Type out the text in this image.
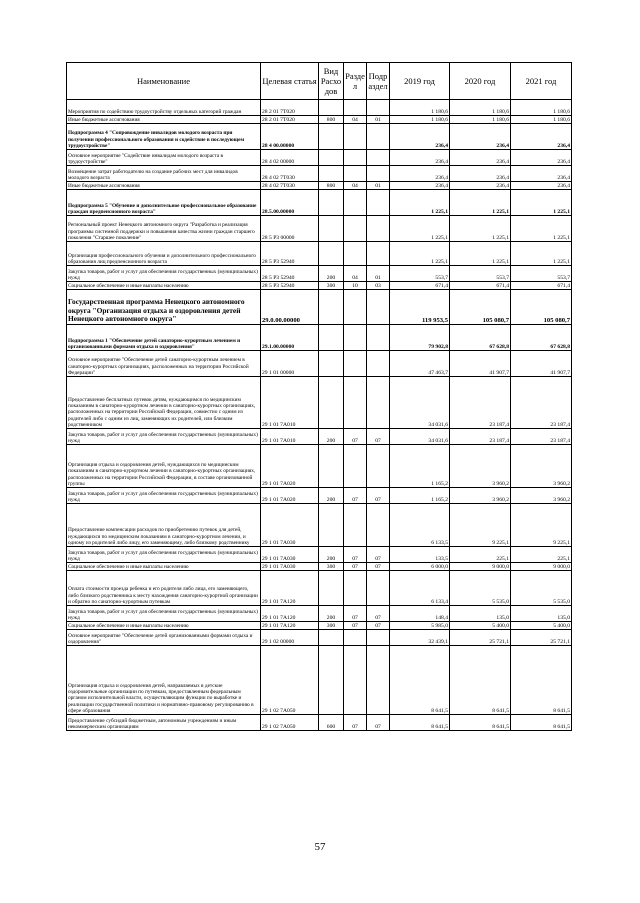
Наименование	Целевая статья	Вид Расхо дов	Разде л	Подр аздел	2019 год	2020 год	2021 год
Мероприятия по содействию трудоустройству отдельных категорий граждан	28 2 01 7Т020				1 180,6	1 180,6	1 180,6
Иные бюджетные ассигнования	28 2 01 7Т020	800	04	01	1 180,6	1 180,6	1 180,6
Подпрограмма 4 "Сопровождение инвалидов молодого возраста при получении профессионального образования и содействие в последующем трудоустройстве"	28 4 00.00000				236,4	236,4	236,4
Основное мероприятие "Содействие инвалидам молодого возраста в трудоустройстве"	28 4 02 00000				236,4	236,4	236,4
Возмещение затрат работодателю на создание рабочих мест для инвалидов молодого возраста	28 4 02 7Т030				236,4	236,4	236,4
Иные бюджетные ассигнования	28 4 02 7Т030	800	04	01	236,4	236,4	236,4
Подпрограмма 5 "Обучение и дополнительное профессиональное образование граждан предпенсионного возраста"	28.5.00.00000				1 225,1	1 225,1	1 225,1
Региональный проект Ненецкого автономного округа "Разработка и реализация программы системной поддержки и повышения качества жизни граждан старшего поколения "Старшее поколение"	28 5 Р3 00000				1 225,1	1 225,1	1 225,1
Организация профессионального обучения и дополнительного профессионального образования лиц предпенсионного возраста	28 5 Р3 52940				1 225,1	1 225,1	1 225,1
Закупка товаров, работ и услуг для обеспечения государственных (муниципальных) нужд	28 5 Р3 52940	200	04	01	553,7	553,7	553,7
Социальное обеспечение и иные выплаты населению	28 5 Р3 52940	300	10	03	671,4	671,4	671,4
Государственная программа Ненецкого автономного округа "Организация отдыха и оздоровления детей Ненецкого автономного округа"	29.0.00.00000				119 953,5	105 080,7	105 080,7
Подпрограмма 1 "Обеспечение детей санаторно-курортным лечением и организованными формами отдыха и оздоровления"	29.1.00.00000				79 902,8	67 628,8	67 628,8
Основное мероприятие "Обеспечение детей санаторно-курортным лечением в санаторно-курортных организациях, расположенных на территории Российской Федерации"	29 1 01 00000				47 463,7	41 907,7	41 907,7
Предоставление бесплатных путевок детям, нуждающимся по медицинским показаниям в санаторно-курортном лечении в санаторно-курортных организациях, расположенных на территории Российской Федерации, совместно с одним из родителей либо с одним из лиц, заменяющих их родителей, или близким родственником	29 1 01 7А010				34 031,6	23 187,4	23 187,4
Закупка товаров, работ и услуг для обеспечения государственных (муниципальных) нужд	29 1 01 7А010	200	07	07	34 031,6	23 187,4	23 187,4
Организация отдыха и оздоровления детей, нуждающихся по медицинским показаниям в санаторно-курортном лечении в санаторно-курортных организациях, расположенных на территории Российской Федерации, в составе организованной группы	29 1 01 7А020				1 165,2	3 960,2	3 960,2
Закупка товаров, работ и услуг для обеспечения государственных (муниципальных) нужд	29 1 01 7А020	200	07	07	1 165,2	3 960,2	3 960,2
Предоставление компенсации расходов по приобретению путевок для детей, нуждающихся по медицинским показаниям в санаторно-курортном лечении, и одному из родителей либо лицу, его заменяющему, либо близкому родственнику	29 1 01 7А030				6 133,5	9 225,1	9 225,1
Закупка товаров, работ и услуг для обеспечения государственных (муниципальных) нужд	29 1 01 7А030	200	07	07	133,5	225,1	225,1
Социальное обеспечение и иные выплаты населению	29 1 01 7А030	300	07	07	6 000,0	9 000,0	9 000,0
Оплата стоимости проезда ребенка и его родителя либо лица, его заменяющего, либо близкого родственника к месту нахождения санаторно-курортной организации и обратно по санаторно-курортным путевкам	29 1 01 7А120				6 133,4	5 535,0	5 535,0
Закупка товаров, работ и услуг для обеспечения государственных (муниципальных) нужд	29 1 01 7А120	200	07	07	148,4	135,0	135,0
Социальное обеспечение и иные выплаты населению	29 1 01 7А120	300	07	07	5 985,0	5 400,0	5 400,0
Основное мероприятие "Обеспечение детей организованными формами отдыха и оздоровления"	29 1 02 00000				32 439,1	25 721,1	25 721,1
Организация отдыха и оздоровления детей, направляемых в детские оздоровительные организации по путевкам, предоставленным федеральным органом исполнительной власти, осуществляющим функции по выработке и реализации государственной политики и нормативно-правовому регулированию в сфере образования	29 1 02 7А050				8 641,5	8 641,5	8 641,5
Предоставление субсидий бюджетным, автономным учреждениям и иным некоммерческим организациям	29 1 02 7А050	600	07	07	8 641,5	8 641,5	8 641,5
57
